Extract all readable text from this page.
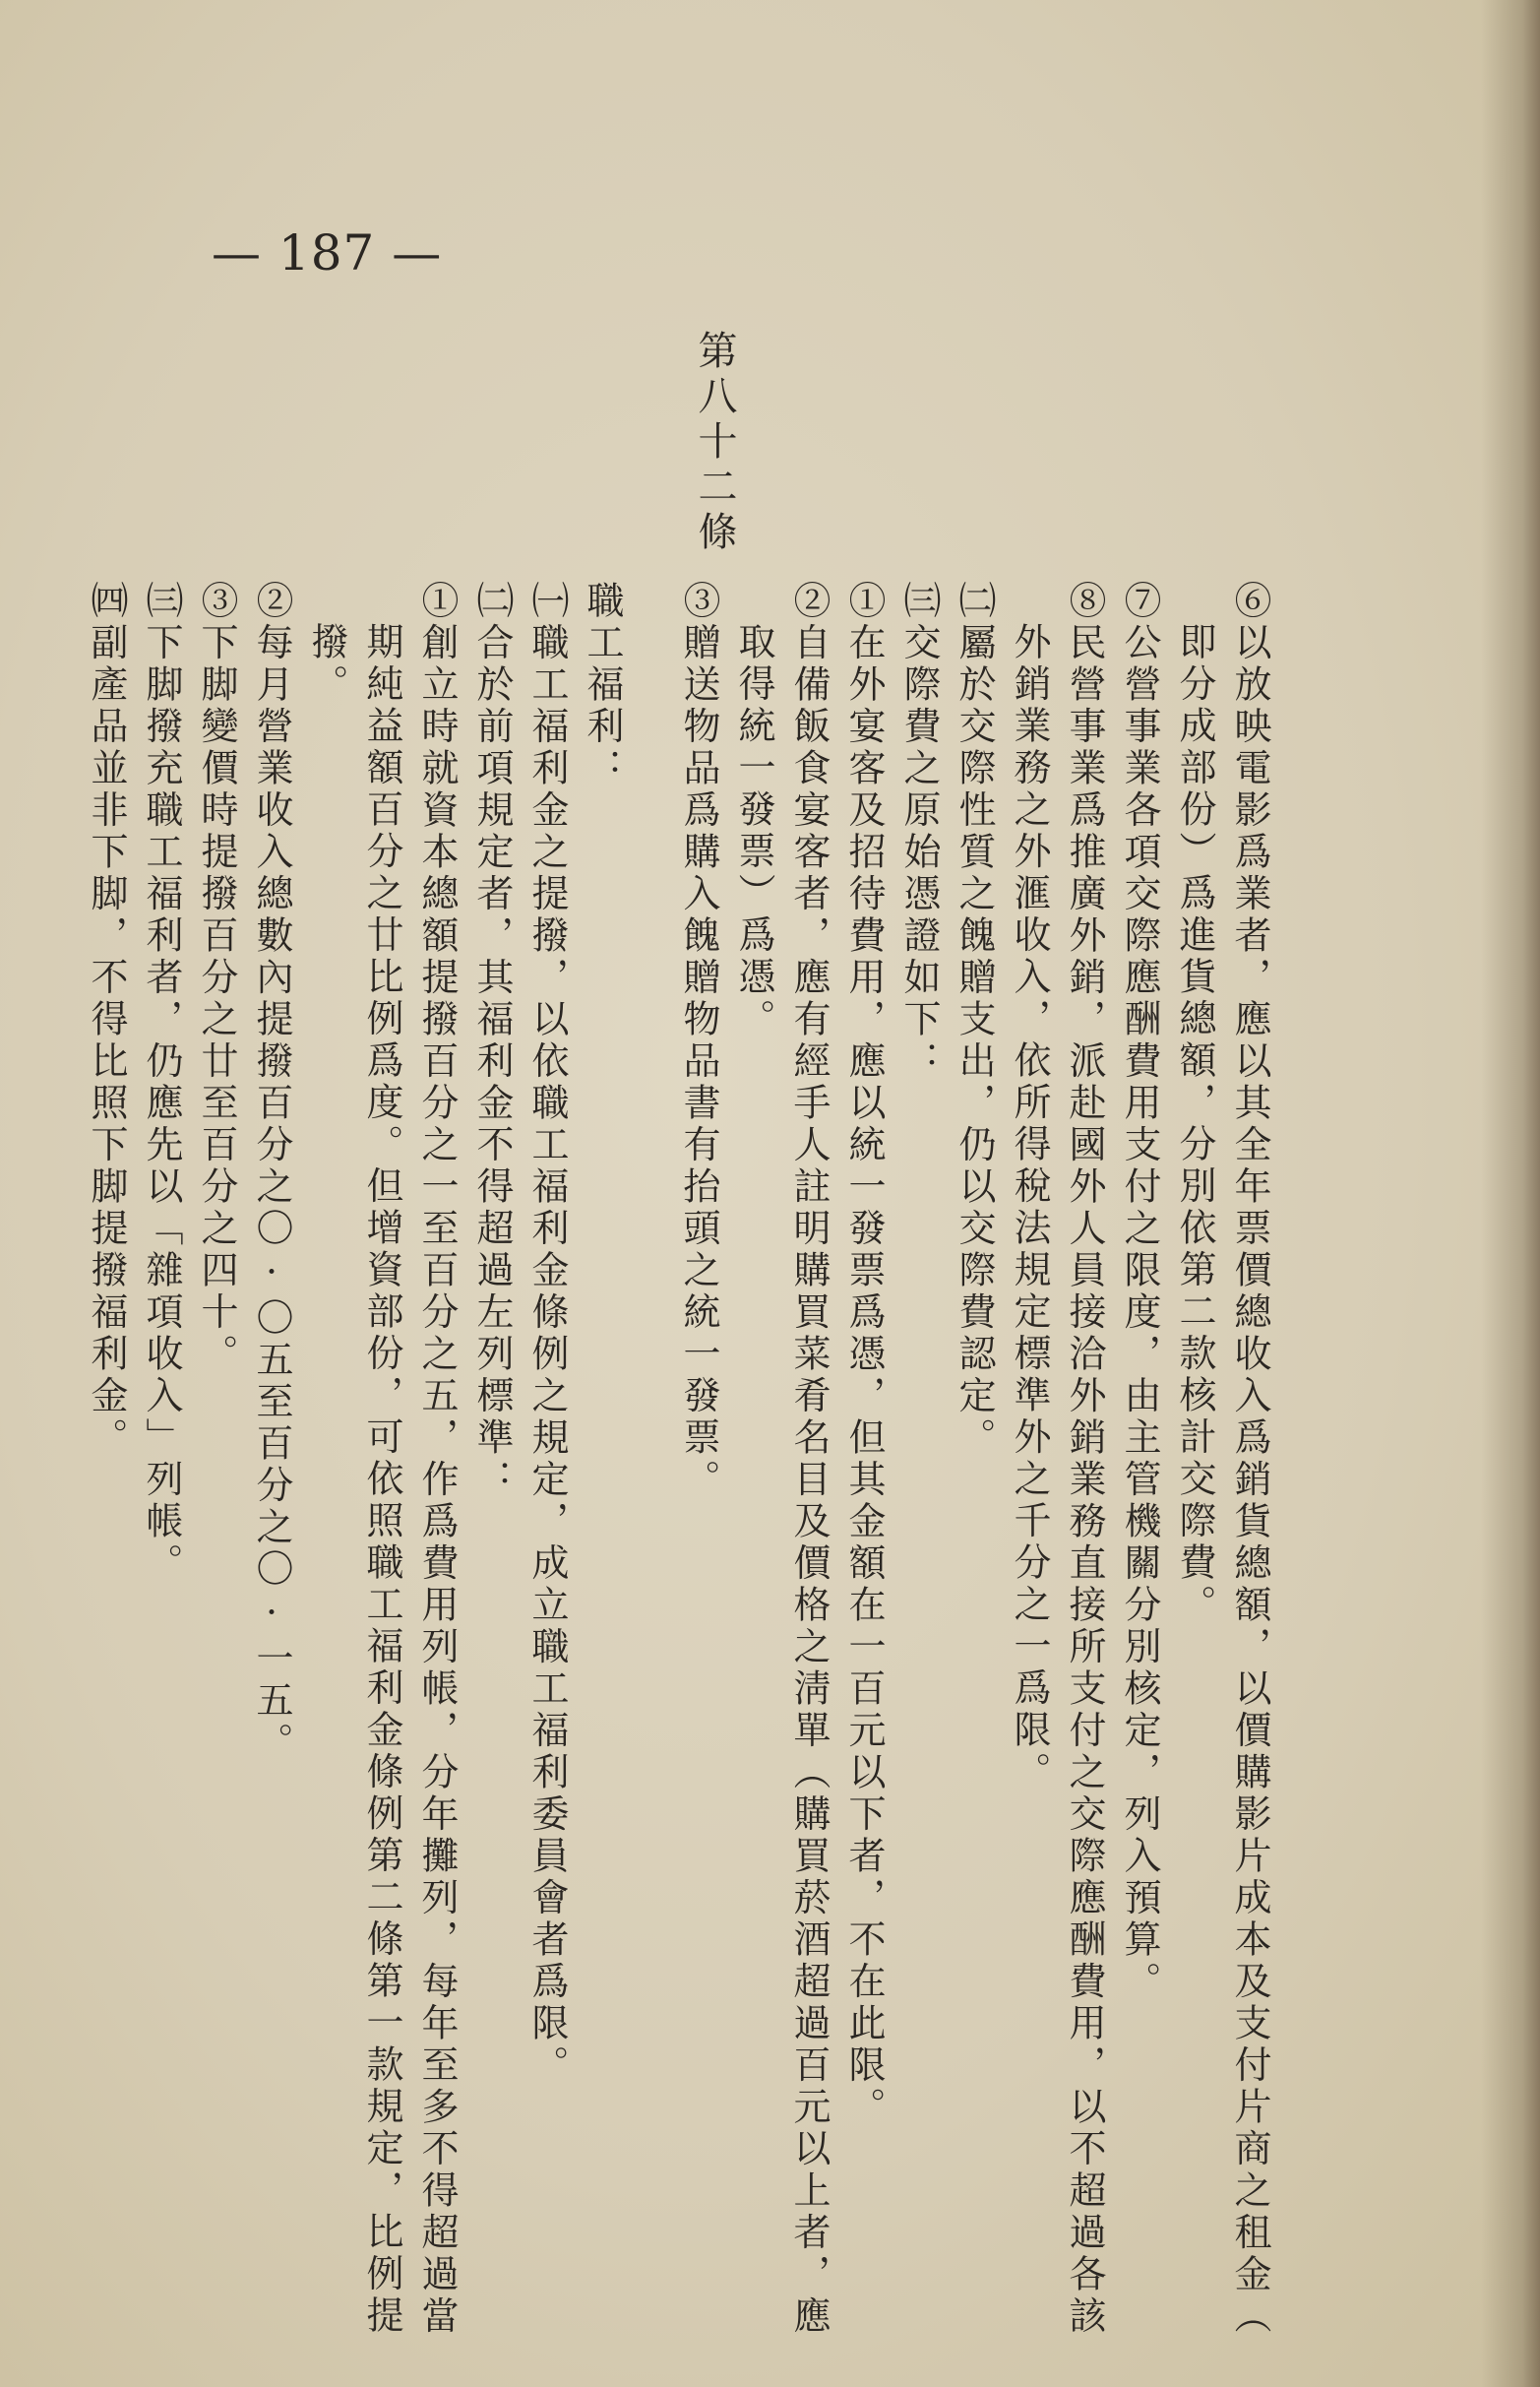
— 187 —
第八十二條
⑥以放映電影爲業者，應以其全年票價總收入爲銷貨總額，以價購影片成本及支付片商之租金（
即分成部份）爲進貨總額，分別依第二款核計交際費。
⑦公營事業各項交際應酬費用支付之限度，由主管機關分別核定，列入預算。
⑧民營事業爲推廣外銷，派赴國外人員接洽外銷業務直接所支付之交際應酬費用，以不超過各該
外銷業務之外滙收入，依所得稅法規定標準外之千分之一爲限。
㈡屬於交際性質之餽贈支出，仍以交際費認定。
㈢交際費之原始憑證如下：
①在外宴客及招待費用，應以統一發票爲憑，但其金額在一百元以下者，不在此限。
②自備飯食宴客者，應有經手人註明購買菜肴名目及價格之淸單（購買菸酒超過百元以上者，應
取得統一發票）爲憑。
③贈送物品爲購入餽贈物品書有抬頭之統一發票。
職工福利：
㈠職工福利金之提撥，以依職工福利金條例之規定，成立職工福利委員會者爲限。
㈡合於前項規定者，其福利金不得超過左列標準：
①創立時就資本總額提撥百分之一至百分之五，作爲費用列帳，分年攤列，每年至多不得超過當
期純益額百分之廿比例爲度。但增資部份，可依照職工福利金條例第二條第一款規定，比例提
撥。
②每月營業收入總數內提撥百分之〇·〇五至百分之〇·一五。
③下脚變價時提撥百分之廿至百分之四十。
㈢下脚撥充職工福利者，仍應先以「雜項收入」列帳。
㈣副產品並非下脚，不得比照下脚提撥福利金。
